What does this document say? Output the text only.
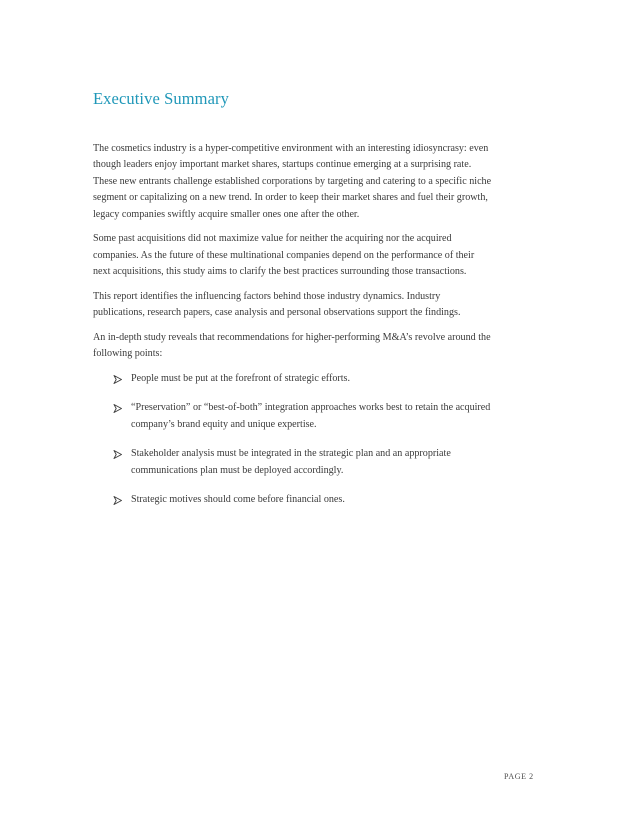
Executive Summary

The cosmetics industry is a hyper-competitive environment with an interesting idiosyncrasy: even
though leaders enjoy important market shares, startups continue emerging at a surprising rate.
These new entrants challenge established corporations by targeting and catering to a specific niche
segment or capitalizing on a new trend. In order to keep their market shares and fuel their growth,
legacy companies swiftly acquire smaller ones one after the other.

Some past acquisitions did not maximize value for neither the acquiring nor the acquired
companies. As the future of these multinational companies depend on the performance of their
next acquisitions, this study aims to clarify the best practices surrounding those transactions.

This report identifies the influencing factors behind those industry dynamics. Industry
publications, research papers, case analysis and personal observations support the findings.

An in-depth study reveals that recommendations for higher-performing M&A’s revolve around the
following points:

People must be put at the forefront of strategic efforts.
“Preservation” or “best-of-both” integration approaches works best to retain the acquired
company’s brand equity and unique expertise.
Stakeholder analysis must be integrated in the strategic plan and an appropriate
communications plan must be deployed accordingly.
Strategic motives should come before financial ones.
PAGE 2
